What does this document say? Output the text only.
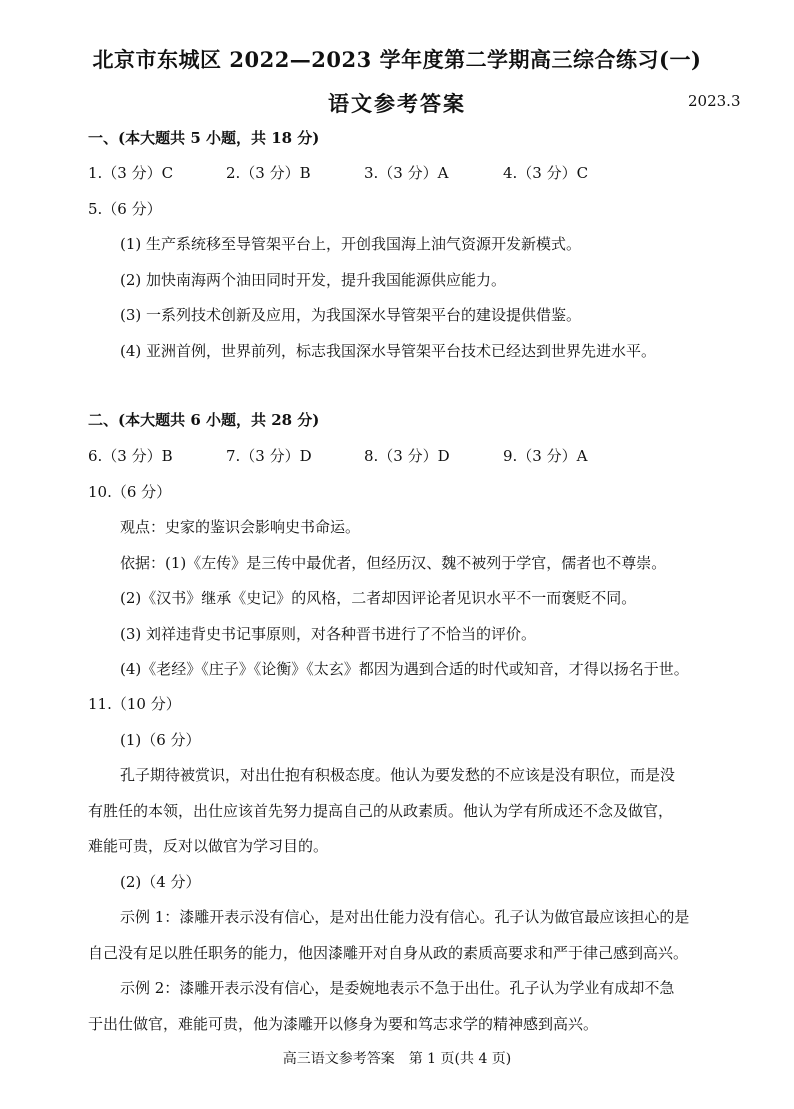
北京市东城区 2022—2023 学年度第二学期高三综合练习(一)
语文参考答案	2023.3
一、(本大题共 5 小题，共 18 分)
1.（3 分）C	2.（3 分）B	3.（3 分）A	4.（3 分）C
5.（6 分）
(1) 生产系统移至导管架平台上，开创我国海上油气资源开发新模式。
(2) 加快南海两个油田同时开发，提升我国能源供应能力。
(3) 一系列技术创新及应用，为我国深水导管架平台的建设提供借鉴。
(4) 亚洲首例，世界前列，标志我国深水导管架平台技术已经达到世界先进水平。
二、(本大题共 6 小题，共 28 分)
6.（3 分）B	7.（3 分）D	8.（3 分）D	9.（3 分）A
10.（6 分）
观点：史家的鉴识会影响史书命运。
依据：(1)《左传》是三传中最优者，但经历汉、魏不被列于学官，儒者也不尊崇。
(2)《汉书》继承《史记》的风格，二者却因评论者见识水平不一而褒贬不同。
(3) 刘祥违背史书记事原则，对各种晋书进行了不恰当的评价。
(4)《老经》《庄子》《论衡》《太玄》都因为遇到合适的时代或知音，才得以扬名于世。
11.（10 分）
(1)（6 分）
孔子期待被赏识，对出仕抱有积极态度。他认为要发愁的不应该是没有职位，而是没
有胜任的本领，出仕应该首先努力提高自己的从政素质。他认为学有所成还不念及做官，
难能可贵，反对以做官为学习目的。
(2)（4 分）
示例 1：漆雕开表示没有信心，是对出仕能力没有信心。孔子认为做官最应该担心的是
自己没有足以胜任职务的能力，他因漆雕开对自身从政的素质高要求和严于律己感到高兴。
示例 2：漆雕开表示没有信心，是委婉地表示不急于出仕。孔子认为学业有成却不急
于出仕做官，难能可贵，他为漆雕开以修身为要和笃志求学的精神感到高兴。
高三语文参考答案　第 1 页(共 4 页)
